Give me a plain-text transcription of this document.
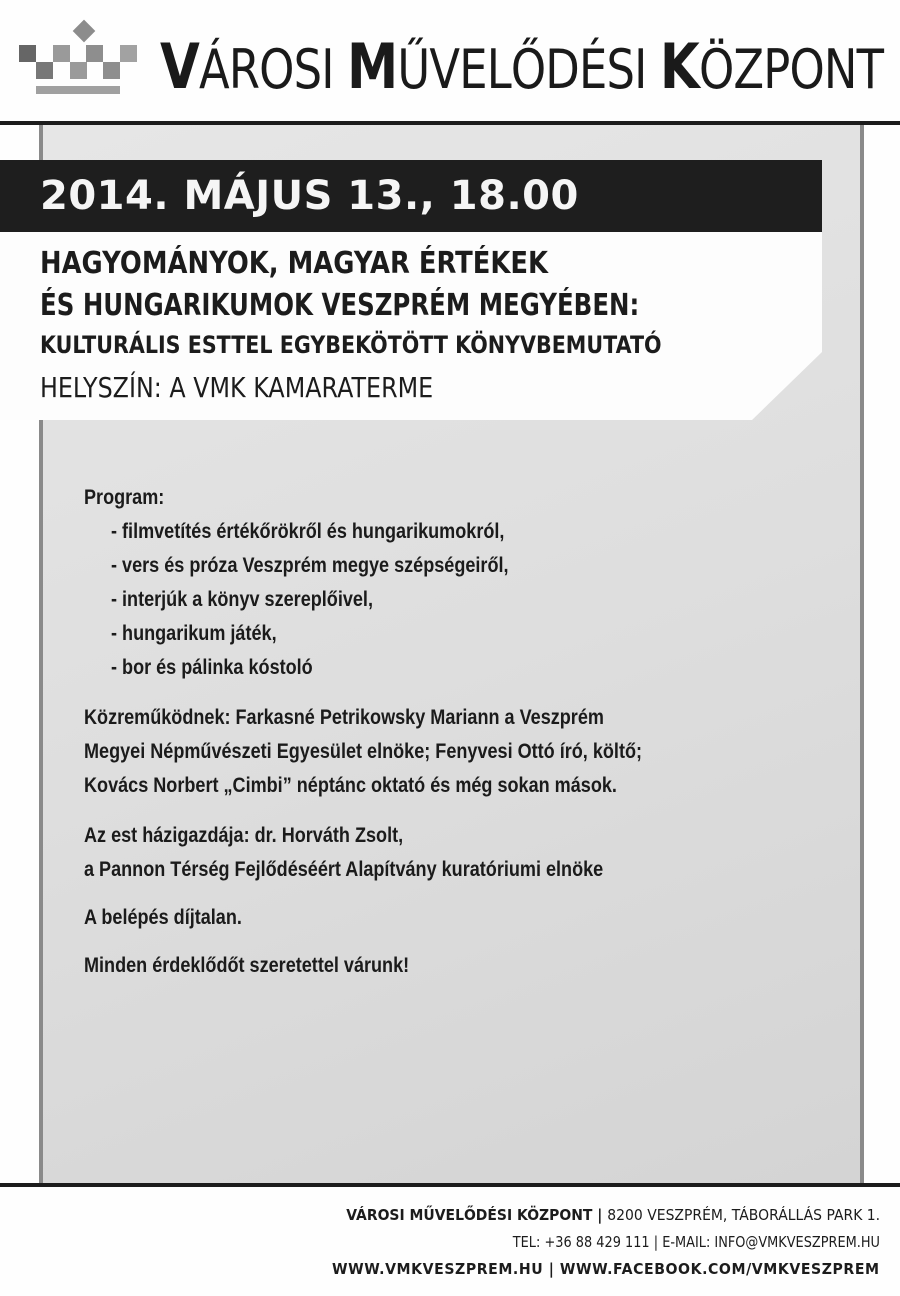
VÁROSI MŰVELŐDÉSI KÖZPONT
2014. MÁJUS 13., 18.00
HAGYOMÁNYOK, MAGYAR ÉRTÉKEK
ÉS HUNGARIKUMOK VESZPRÉM MEGYÉBEN:
KULTURÁLIS ESTTEL EGYBEKÖTÖTT KÖNYVBEMUTATÓ
HELYSZÍN: A VMK KAMARATERME
Program:
- filmvetítés értékőrökről és hungarikumokról,
- vers és próza Veszprém megye szépségeiről,
- interjúk a könyv szereplőivel,
- hungarikum játék,
- bor és pálinka kóstoló
Közreműködnek: Farkasné Petrikowsky Mariann a Veszprém
Megyei Népművészeti Egyesület elnöke; Fenyvesi Ottó író, költő;
Kovács Norbert „Cimbi” néptánc oktató és még sokan mások.
Az est házigazdája: dr. Horváth Zsolt,
a Pannon Térség Fejlődéséért Alapítvány kuratóriumi elnöke
A belépés díjtalan.
Minden érdeklődőt szeretettel várunk!
VÁROSI MŰVELŐDÉSI KÖZPONT | 8200 VESZPRÉM, TÁBORÁLLÁS PARK 1.
TEL: +36 88 429 111 | E-MAIL: INFO@VMKVESZPREM.HU
WWW.VMKVESZPREM.HU | WWW.FACEBOOK.COM/VMKVESZPREM
